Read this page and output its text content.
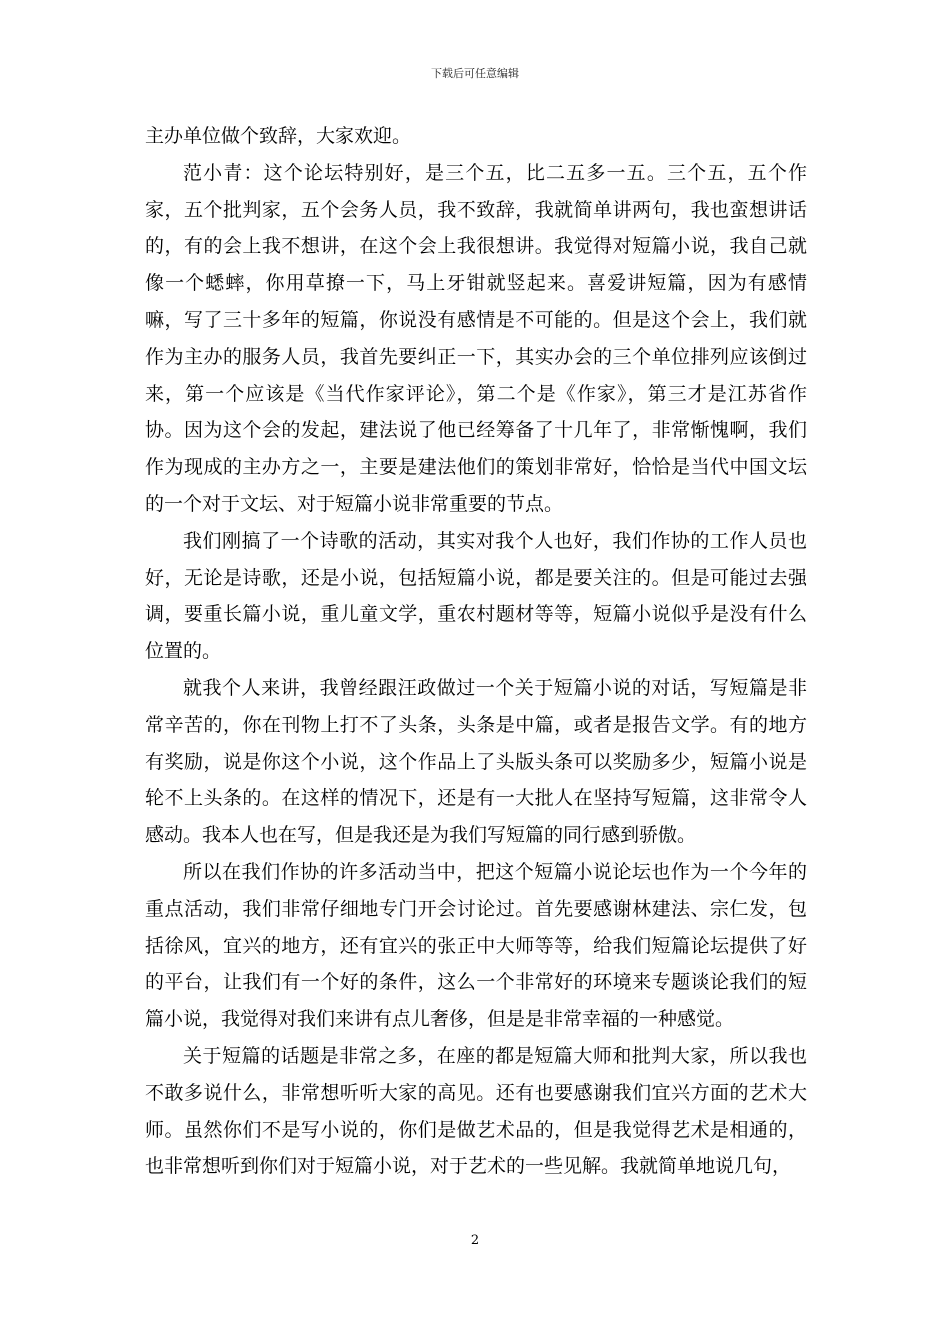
下载后可任意编辑

主办单位做个致辞，大家欢迎。

范小青：这个论坛特别好，是三个五，比二五多一五。三个五，五个作家，五个批判家，五个会务人员，我不致辞，我就简单讲两句，我也蛮想讲话的，有的会上我不想讲，在这个会上我很想讲。我觉得对短篇小说，我自己就像一个蟋蟀，你用草撩一下，马上牙钳就竖起来。喜爱讲短篇，因为有感情嘛，写了三十多年的短篇，你说没有感情是不可能的。但是这个会上，我们就作为主办的服务人员，我首先要纠正一下，其实办会的三个单位排列应该倒过来，第一个应该是《当代作家评论》，第二个是《作家》，第三才是江苏省作协。因为这个会的发起，建法说了他已经筹备了十几年了，非常惭愧啊，我们作为现成的主办方之一，主要是建法他们的策划非常好，恰恰是当代中国文坛的一个对于文坛、对于短篇小说非常重要的节点。

我们刚搞了一个诗歌的活动，其实对我个人也好，我们作协的工作人员也好，无论是诗歌，还是小说，包括短篇小说，都是要关注的。但是可能过去强调，要重长篇小说，重儿童文学，重农村题材等等，短篇小说似乎是没有什么位置的。

就我个人来讲，我曾经跟汪政做过一个关于短篇小说的对话，写短篇是非常辛苦的，你在刊物上打不了头条，头条是中篇，或者是报告文学。有的地方有奖励，说是你这个小说，这个作品上了头版头条可以奖励多少，短篇小说是轮不上头条的。在这样的情况下，还是有一大批人在坚持写短篇，这非常令人感动。我本人也在写，但是我还是为我们写短篇的同行感到骄傲。

所以在我们作协的许多活动当中，把这个短篇小说论坛也作为一个今年的重点活动，我们非常仔细地专门开会讨论过。首先要感谢林建法、宗仁发，包括徐风，宜兴的地方，还有宜兴的张正中大师等等，给我们短篇论坛提供了好的平台，让我们有一个好的条件，这么一个非常好的环境来专题谈论我们的短篇小说，我觉得对我们来讲有点儿奢侈，但是是非常幸福的一种感觉。

关于短篇的话题是非常之多，在座的都是短篇大师和批判大家，所以我也不敢多说什么，非常想听听大家的高见。还有也要感谢我们宜兴方面的艺术大师。虽然你们不是写小说的，你们是做艺术品的，但是我觉得艺术是相通的，也非常想听到你们对于短篇小说，对于艺术的一些见解。我就简单地说几句，

2
